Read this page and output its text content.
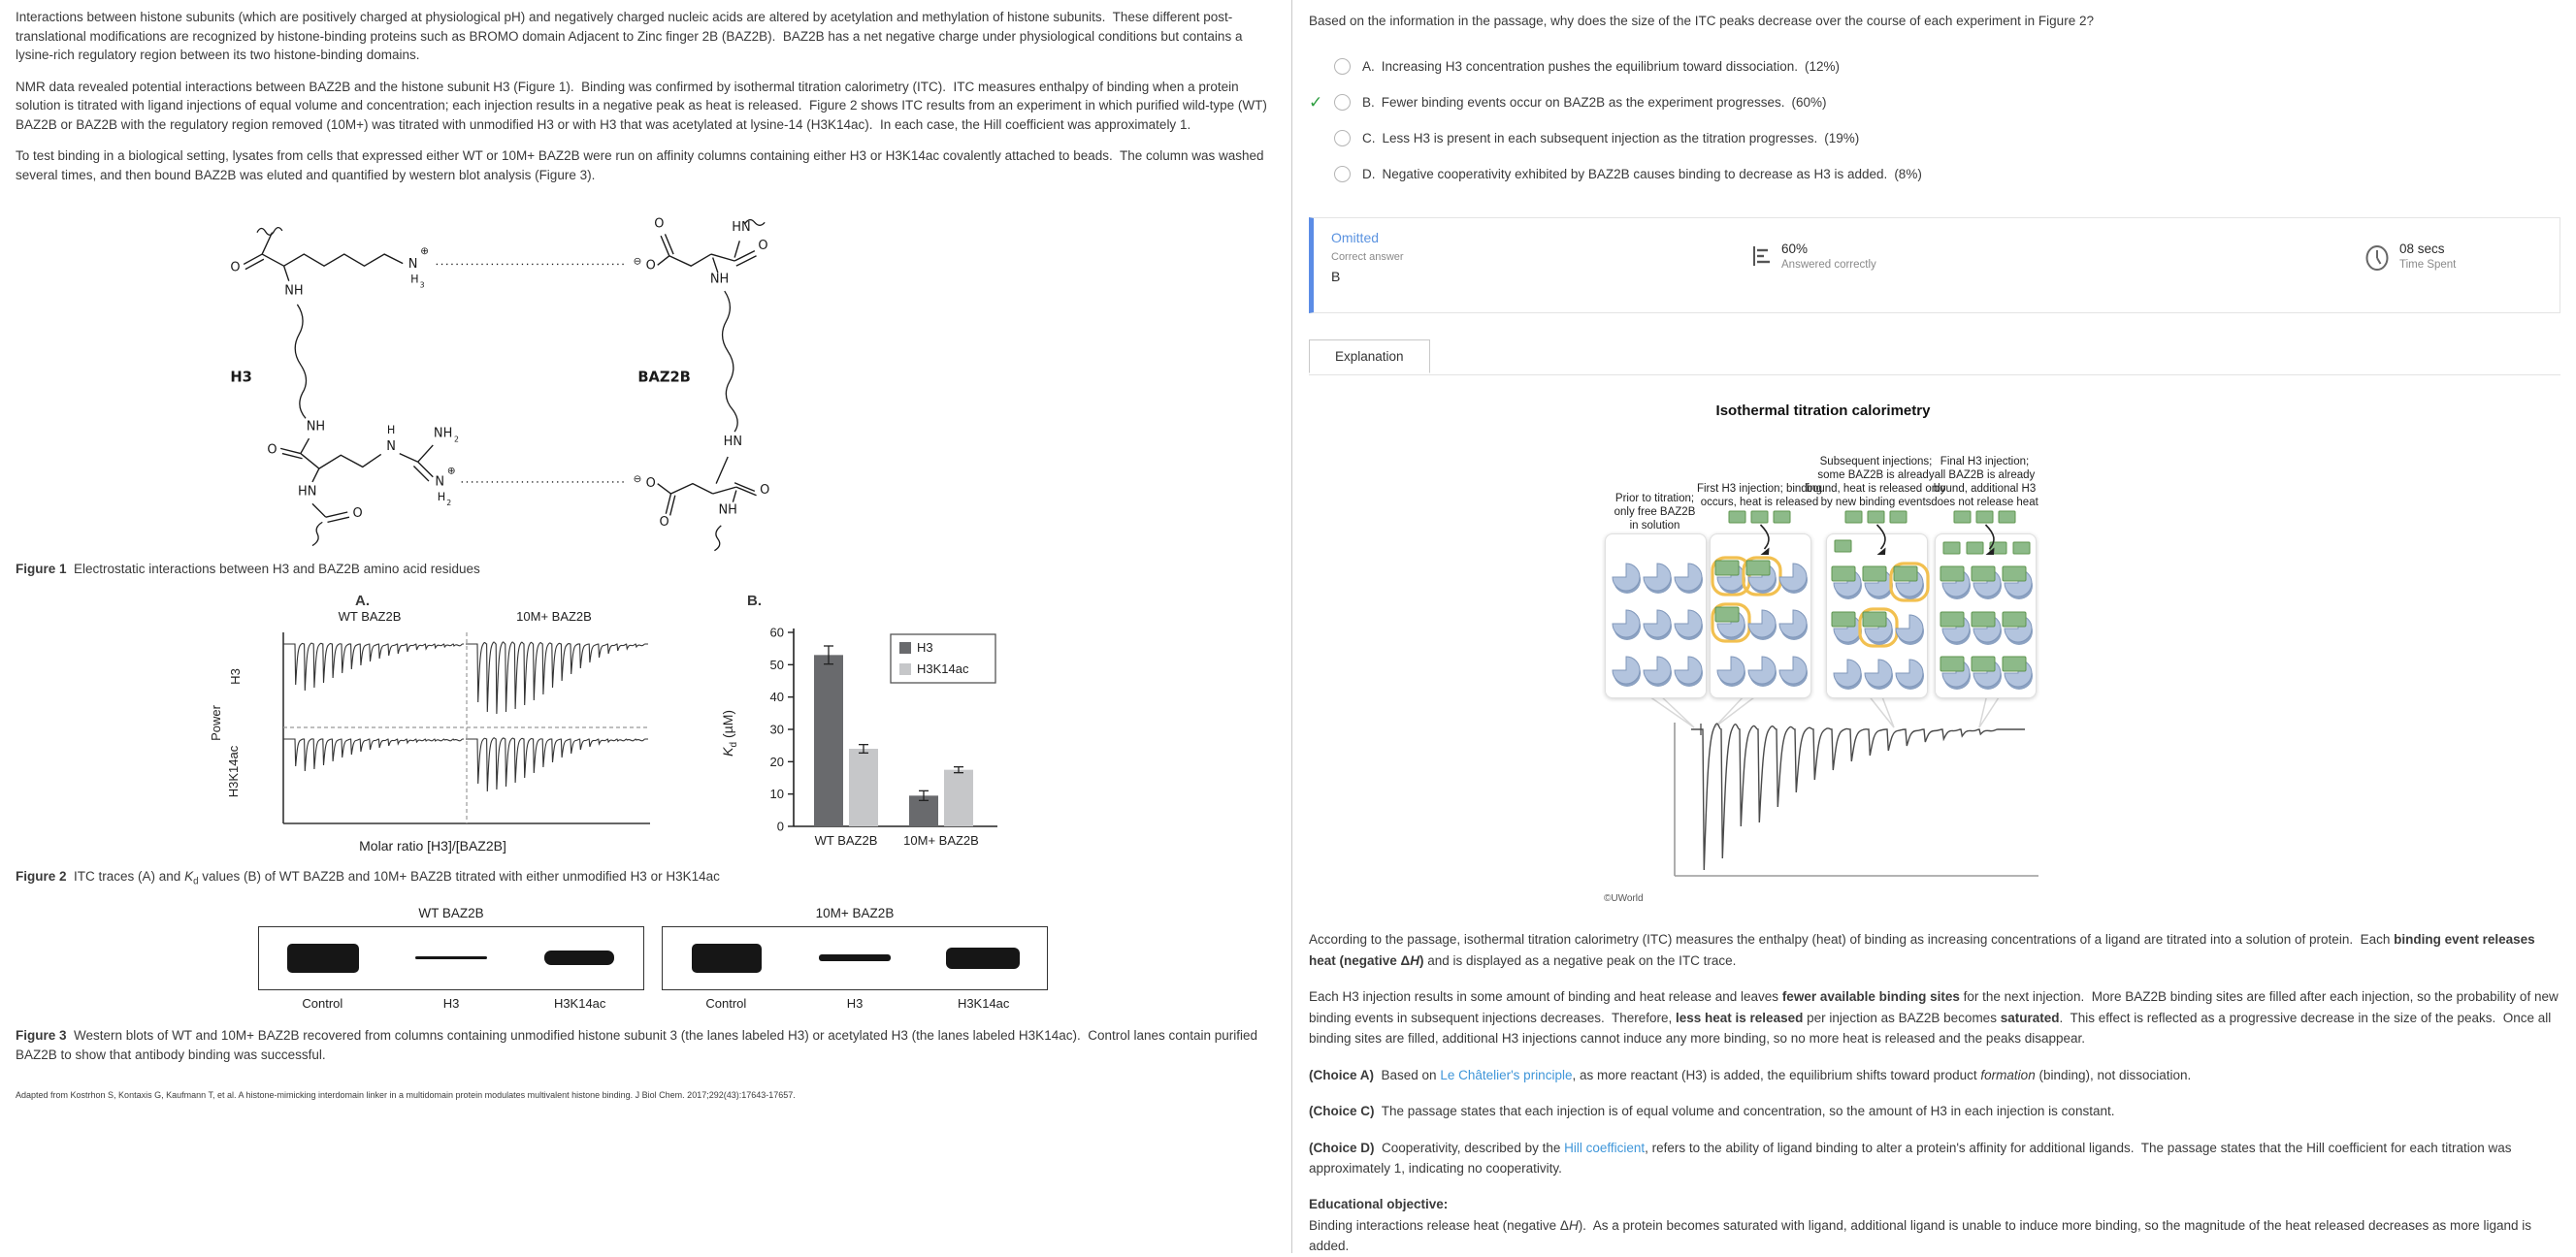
Interactions between histone subunits (which are positively charged at physiological pH) and negatively charged nucleic acids are altered by acetylation and methylation of histone subunits.  These different post-translational modifications are recognized by histone-binding proteins such as BROMO domain Adjacent to Zinc finger 2B (BAZ2B).  BAZ2B has a net negative charge under physiological conditions but contains a lysine-rich regulatory region between its two histone-binding domains.

NMR data revealed potential interactions between BAZ2B and the histone subunit H3 (Figure 1).  Binding was confirmed by isothermal titration calorimetry (ITC).  ITC measures enthalpy of binding when a protein solution is titrated with ligand injections of equal volume and concentration; each injection results in a negative peak as heat is released.  Figure 2 shows ITC results from an experiment in which purified wild-type (WT) BAZ2B or BAZ2B with the regulatory region removed (10M+) was titrated with unmodified H3 or with H3 that was acetylated at lysine-14 (H3K14ac).  In each case, the Hill coefficient was approximately 1.

To test binding in a biological setting, lysates from cells that expressed either WT or 10M+ BAZ2B were run on affinity columns containing either H3 or H3K14ac covalently attached to beads.  The column was washed several times, and then bound BAZ2B was eluted and quantified by western blot analysis (Figure 3).

O
NH
N
⊕
H 3
⊖ O
O
O
HN
NH
H3	BAZ2B
NH
O
HN
O
H
N
NH 2
N
⊕
H 2
⊖ O
O
O
NH
HN

Figure 1  Electrostatic interactions between H3 and BAZ2B amino acid residues

A.
WT BAZ2B	10M+ BAZ2B
Power
H3
H3K14ac
Molar ratio [H3]/[BAZ2B]
B.
$K_d$ (µM)
0
10
20
30
40
50
60
WT BAZ2B 10M+ BAZ2B
H3
H3K14ac

Figure 2  ITC traces (A) and $K_d$ values (B) of WT BAZ2B and 10M+ BAZ2B titrated with either unmodified H3 or H3K14ac

WT BAZ2B
Control	H3	H3K14ac
10M+ BAZ2B
Control	H3	H3K14ac

Figure 3  Western blots of WT and 10M+ BAZ2B recovered from columns containing unmodified histone subunit 3 (the lanes labeled H3) or acetylated H3 (the lanes labeled H3K14ac).  Control lanes contain purified BAZ2B to show that antibody binding was successful.

Adapted from Kostrhon S, Kontaxis G, Kaufmann T, et al. A histone-mimicking interdomain linker in a multidomain protein modulates multivalent histone binding. J Biol Chem. 2017;292(43):17643-17657.
Based on the information in the passage, why does the size of the ITC peaks decrease over the course of each experiment in Figure 2?
A. Increasing H3 concentration pushes the equilibrium toward dissociation. (12%)
✓	B. Fewer binding events occur on BAZ2B as the experiment progresses. (60%)
C. Less H3 is present in each subsequent injection as the titration progresses. (19%)
D. Negative cooperativity exhibited by BAZ2B causes binding to decrease as H3 is added. (8%)
Omitted
Correct answer
B
60%
Answered correctly
08 secs
Time Spent
Explanation
Isothermal titration calorimetry
Prior to titration;
only free BAZ2B
in solution
First H3 injection; binding
occurs, heat is released
Subsequent injections;
some BAZ2B is already
bound, heat is released only
by new binding events
Final H3 injection;
all BAZ2B is already
bound, additional H3
does not release heat
©UWorld
According to the passage, isothermal titration calorimetry (ITC) measures the enthalpy (heat) of binding as increasing concentrations of a ligand are titrated into a solution of protein.  Each binding event releases heat (negative ΔH) and is displayed as a negative peak on the ITC trace.
Each H3 injection results in some amount of binding and heat release and leaves fewer available binding sites for the next injection.  More BAZ2B binding sites are filled after each injection, so the probability of new binding events in subsequent injections decreases.  Therefore, less heat is released per injection as BAZ2B becomes saturated.  This effect is reflected as a progressive decrease in the size of the peaks.  Once all binding sites are filled, additional H3 injections cannot induce any more binding, so no more heat is released and the peaks disappear.
(Choice A)  Based on Le Châtelier's principle, as more reactant (H3) is added, the equilibrium shifts toward product formation (binding), not dissociation.
(Choice C)  The passage states that each injection is of equal volume and concentration, so the amount of H3 in each injection is constant.
(Choice D)  Cooperativity, described by the Hill coefficient, refers to the ability of ligand binding to alter a protein's affinity for additional ligands.  The passage states that the Hill coefficient for each titration was approximately 1, indicating no cooperativity.
Educational objective:
Binding interactions release heat (negative ΔH).  As a protein becomes saturated with ligand, additional ligand is unable to induce more binding, so the magnitude of the heat released decreases as more ligand is added.
